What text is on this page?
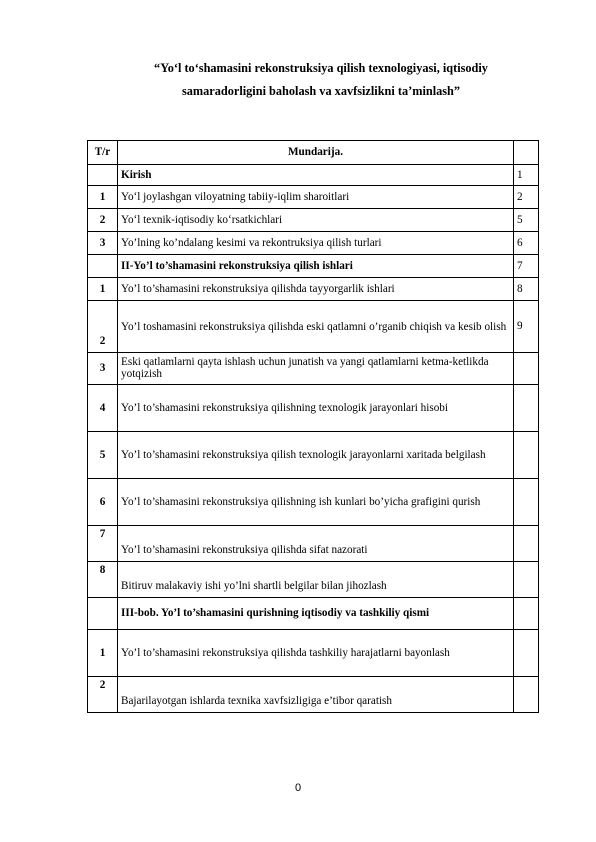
“Yo‘l to‘shamasini rekonstruksiya qilish texnologiyasi, iqtisodiy
samaradorligini baholash va xavfsizlikni ta’minlash”
T/r	Mundarija.	
	Kirish	1
1	Yo‘l joylashgan viloyatning tabiiy-iqlim sharoitlari	2
2	Yo‘l texnik-iqtisodiy ko‘rsatkichlari	5
3	Yo’lning ko’ndalang kesimi va rekontruksiya qilish turlari	6
	II-Yo’l to’shamasini rekonstruksiya qilish ishlari	7
1	Yo’l to’shamasini rekonstruksiya qilishda tayyorgarlik ishlari	8
2	Yo’l toshamasini rekonstruksiya qilishda eski qatlamni o’rganib chiqish va kesib olish	9
3	Eski qatlamlarni qayta ishlash uchun junatish va yangi qatlamlarni ketma-ketlikda yotqizish	
4	Yo’l to’shamasini rekonstruksiya qilishning texnologik jarayonlari hisobi	

5	Yo’l to’shamasini rekonstruksiya qilish texnologik jarayonlarni xaritada belgilash	

6	Yo’l to’shamasini rekonstruksiya qilishning ish kunlari bo’yicha grafigini qurish	

7	Yo’l to’shamasini rekonstruksiya qilishda sifat nazorati	
8	Bitiruv malakaviy ishi yo’lni shartli belgilar bilan jihozlash	
	III-bob. Yo’l to’shamasini qurishning iqtisodiy va tashkiliy qismi	
1	Yo’l to’shamasini rekonstruksiya qilishda tashkiliy harajatlarni bayonlash	

2	Bajarilayotgan ishlarda texnika xavfsizligiga e’tibor qaratish	
0
